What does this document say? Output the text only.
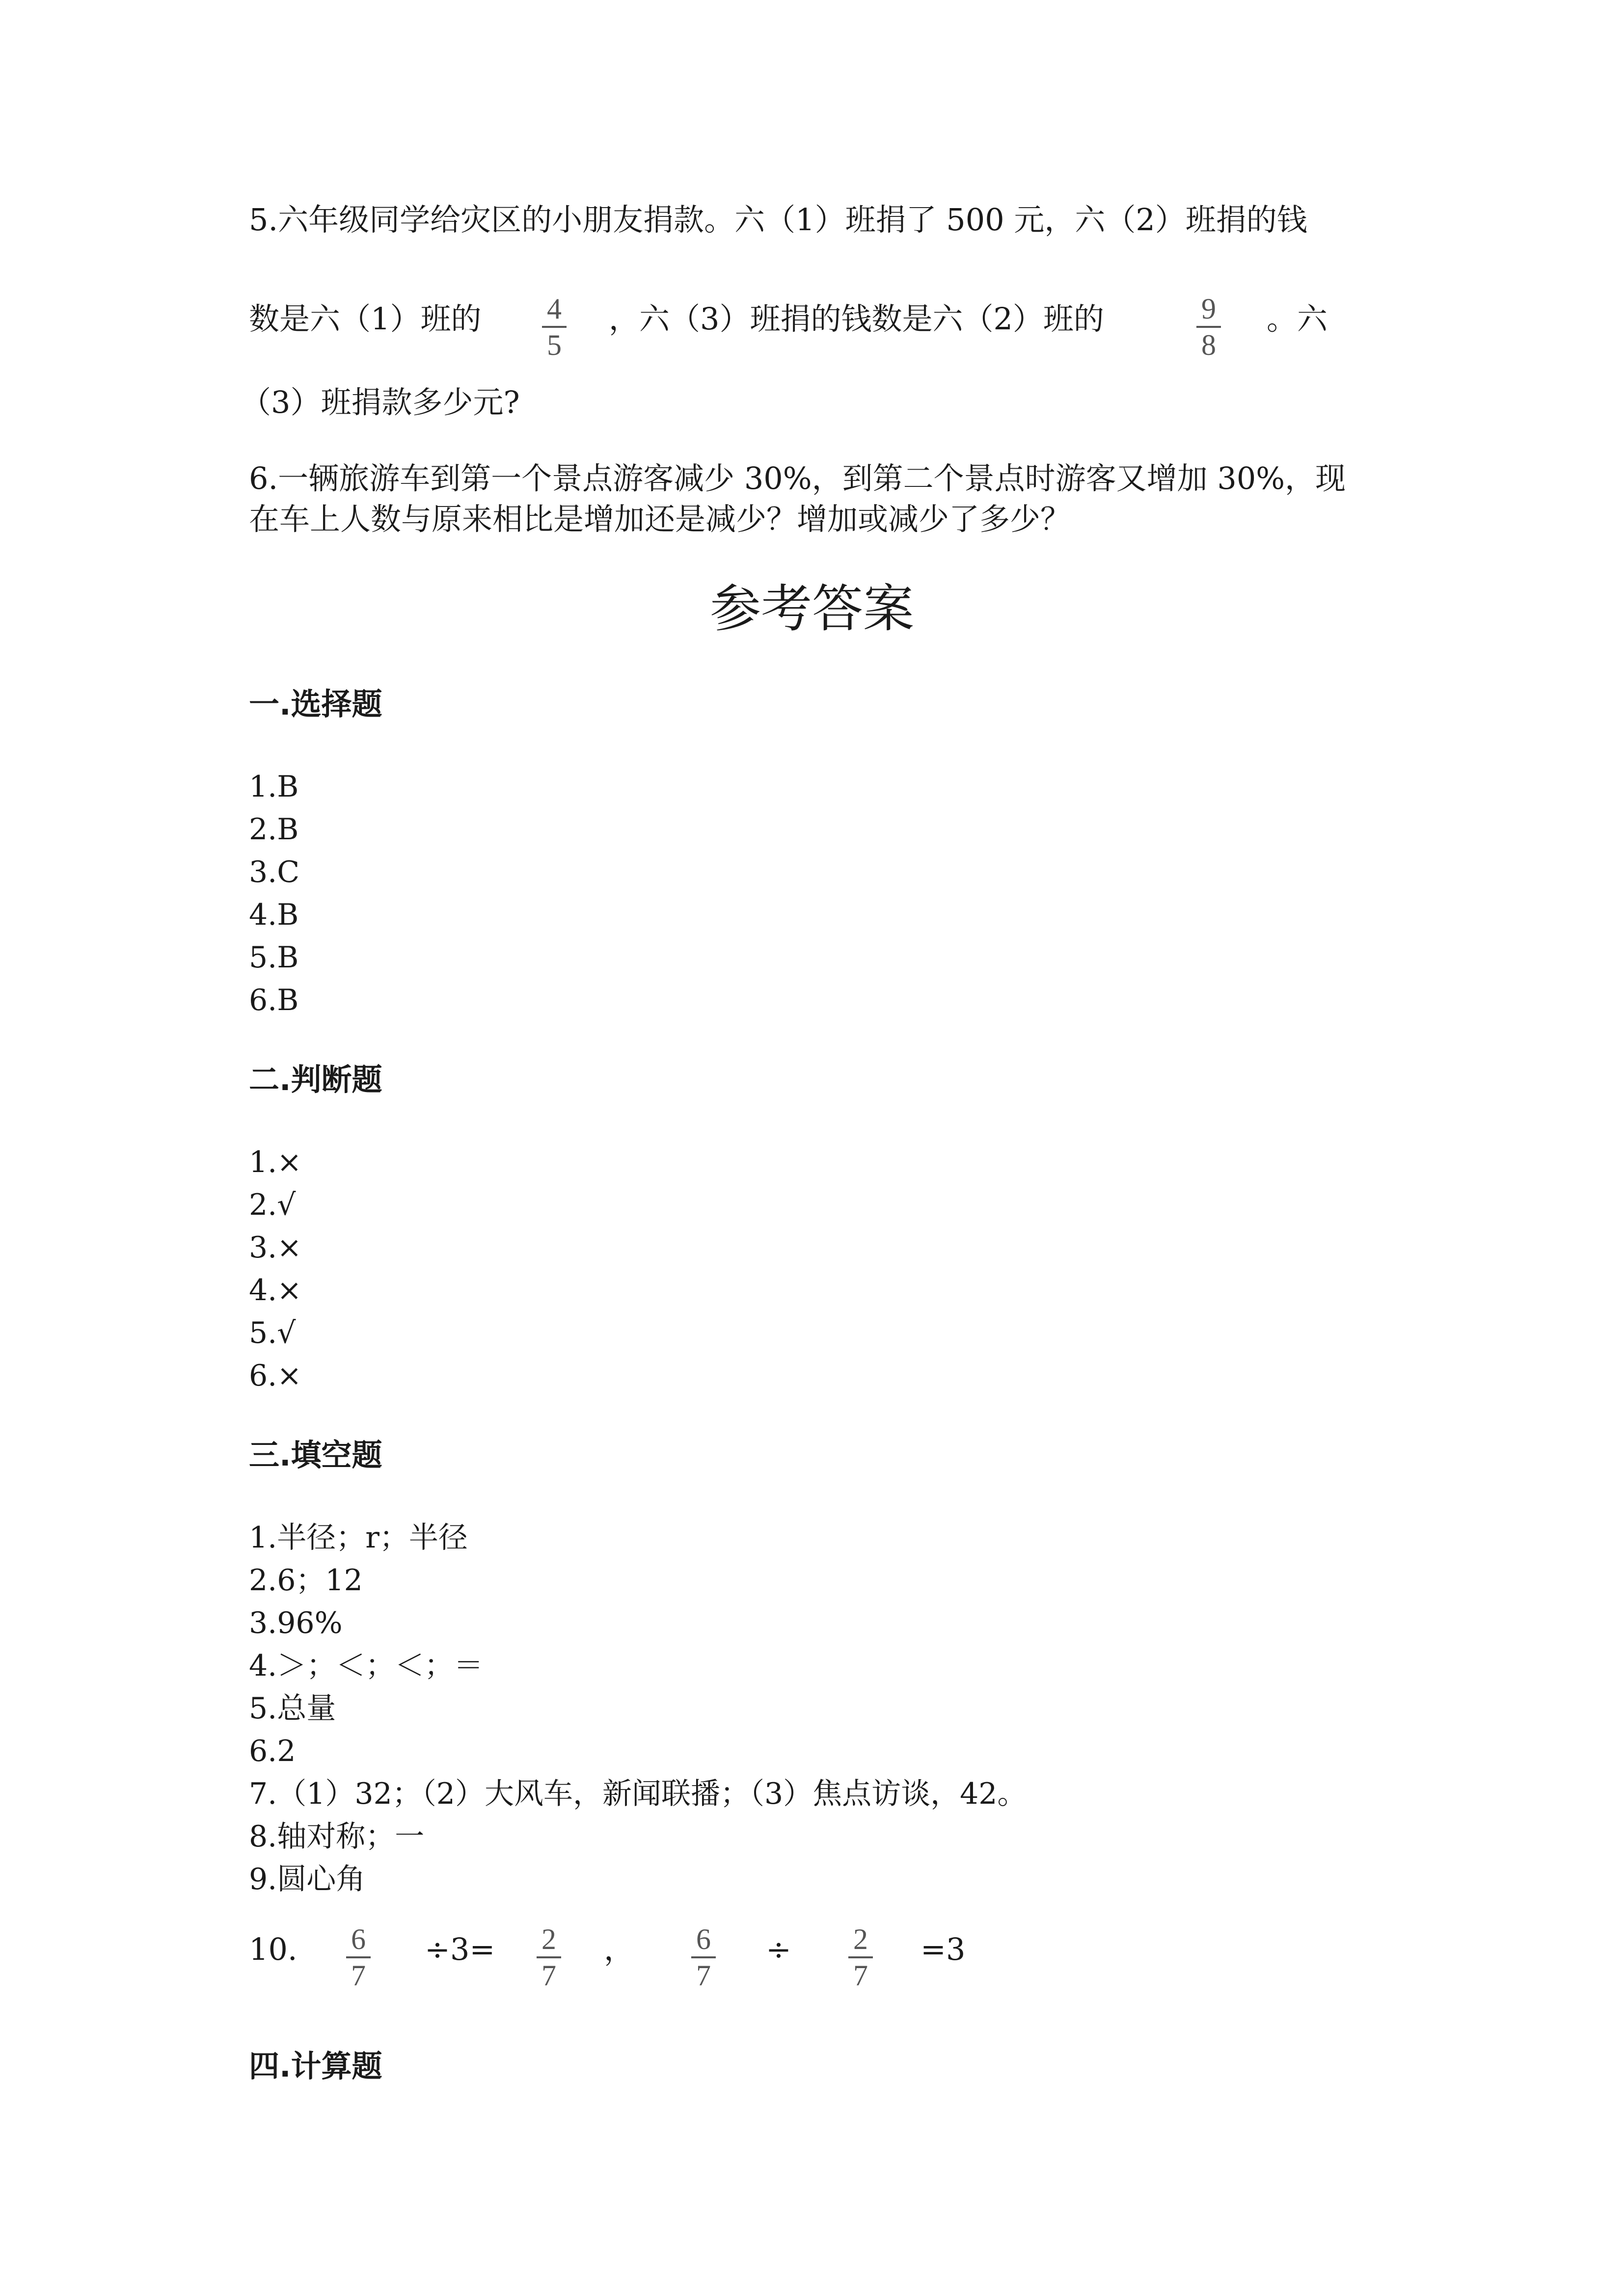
5.六年级同学给灾区的小朋友捐款。六（1）班捐了 500 元，六（2）班捐的钱
数是六（1）班的 4
5
，六（3）班捐的钱数是六（2）班的	9
8
。六
（3）班捐款多少元?
6.一辆旅游车到第一个景点游客减少 30%，到第二个景点时游客又增加 30%，现
在车上人数与原来相比是增加还是减少？增加或减少了多少？
参考答案
一.选择题
1.B
2.B
3.C
4.B
5.B
6.B
二.判断题
1.×
2.√
3.×
4.×
5.√
6.×
三.填空题
1.半径；r；半径
2.6；12
3.96%
4.＞；＜；＜；＝
5.总量
6.2
7.（1）32；（2）大风车，新闻联播；（3）焦点访谈，42。
8.轴对称；一
9.圆心角
10. 6
7
÷3= 2
7
， 6
7
÷ 2
7
=3
四.计算题
